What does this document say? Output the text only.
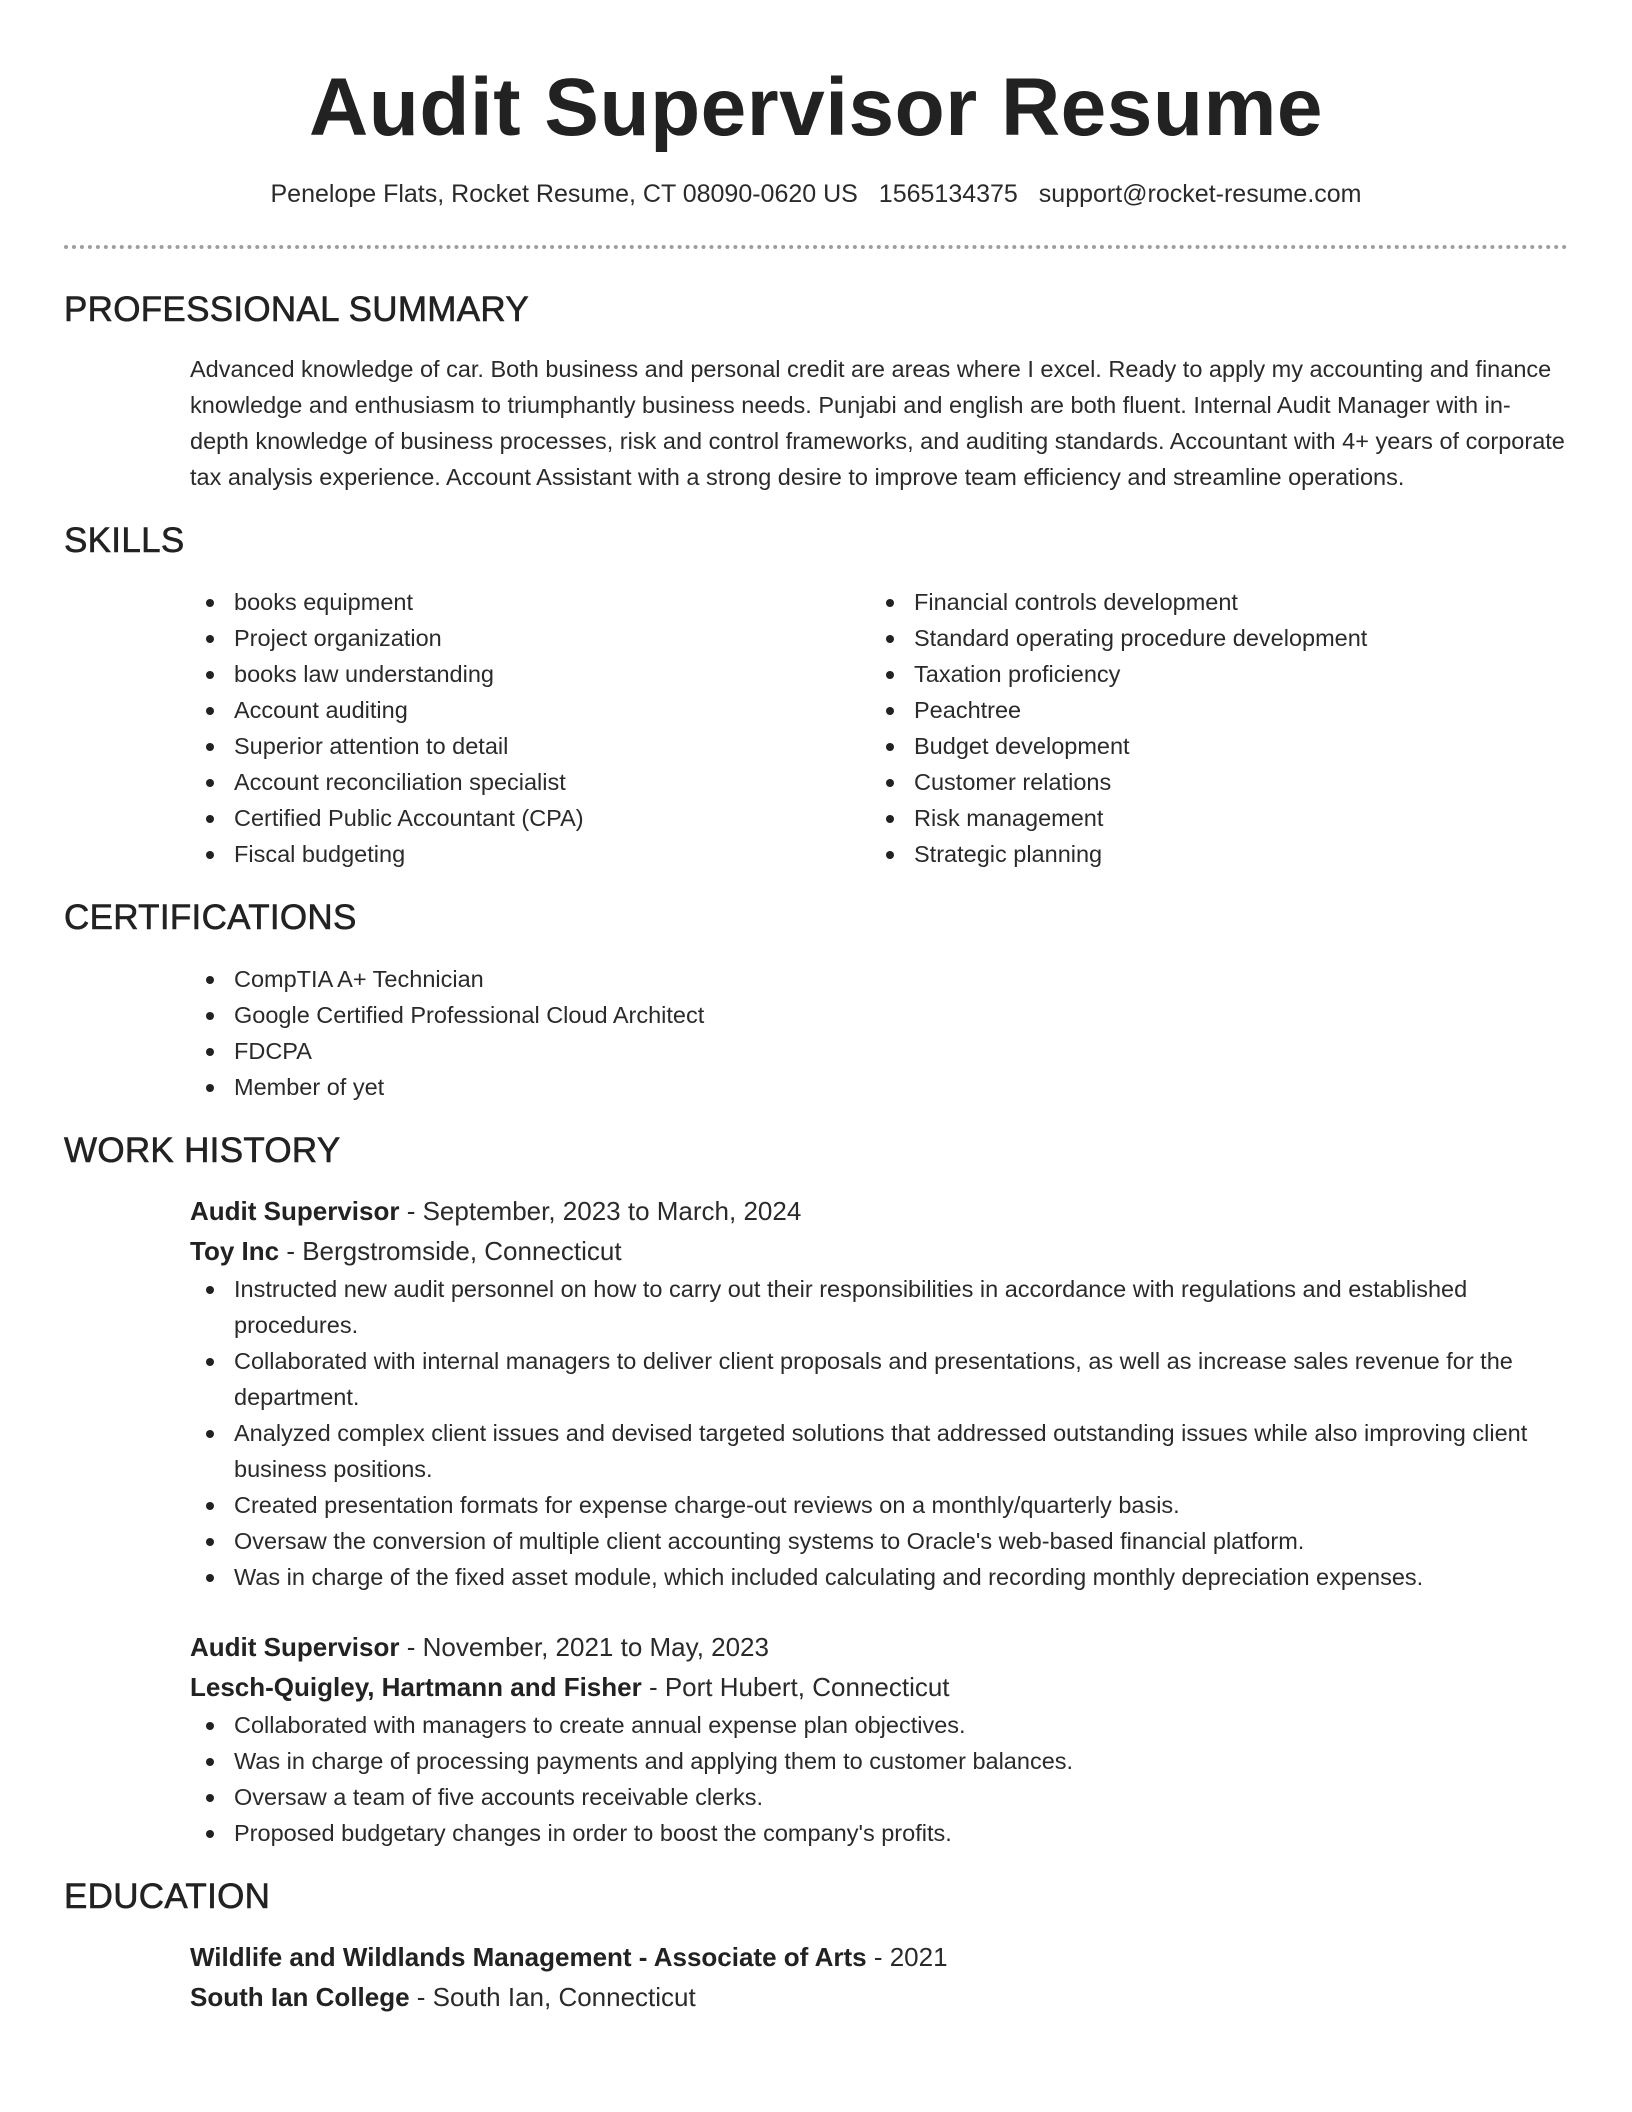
Audit Supervisor Resume
Penelope Flats, Rocket Resume, CT 08090-0620 US 1565134375 support@rocket-resume.com
PROFESSIONAL SUMMARY

Advanced knowledge of car. Both business and personal credit are areas where I excel. Ready to apply my accounting and finance knowledge and enthusiasm to triumphantly business needs. Punjabi and english are both fluent. Internal Audit Manager with in-depth knowledge of business processes, risk and control frameworks, and auditing standards. Accountant with 4+ years of corporate tax analysis experience. Account Assistant with a strong desire to improve team efficiency and streamline operations.

SKILLS
books equipment
Project organization
books law understanding
Account auditing
Superior attention to detail
Account reconciliation specialist
Certified Public Accountant (CPA)
Fiscal budgeting
Financial controls development
Standard operating procedure development
Taxation proficiency
Peachtree
Budget development
Customer relations
Risk management
Strategic planning
CERTIFICATIONS
CompTIA A+ Technician
Google Certified Professional Cloud Architect
FDCPA
Member of yet
WORK HISTORY
Audit Supervisor - September, 2023 to March, 2024
Toy Inc - Bergstromside, Connecticut
Instructed new audit personnel on how to carry out their responsibilities in accordance with regulations and established procedures.
Collaborated with internal managers to deliver client proposals and presentations, as well as increase sales revenue for the department.
Analyzed complex client issues and devised targeted solutions that addressed outstanding issues while also improving client business positions.
Created presentation formats for expense charge-out reviews on a monthly/quarterly basis.
Oversaw the conversion of multiple client accounting systems to Oracle's web-based financial platform.
Was in charge of the fixed asset module, which included calculating and recording monthly depreciation expenses.
Audit Supervisor - November, 2021 to May, 2023
Lesch-Quigley, Hartmann and Fisher - Port Hubert, Connecticut
Collaborated with managers to create annual expense plan objectives.
Was in charge of processing payments and applying them to customer balances.
Oversaw a team of five accounts receivable clerks.
Proposed budgetary changes in order to boost the company's profits.
EDUCATION
Wildlife and Wildlands Management - Associate of Arts - 2021
South Ian College - South Ian, Connecticut
